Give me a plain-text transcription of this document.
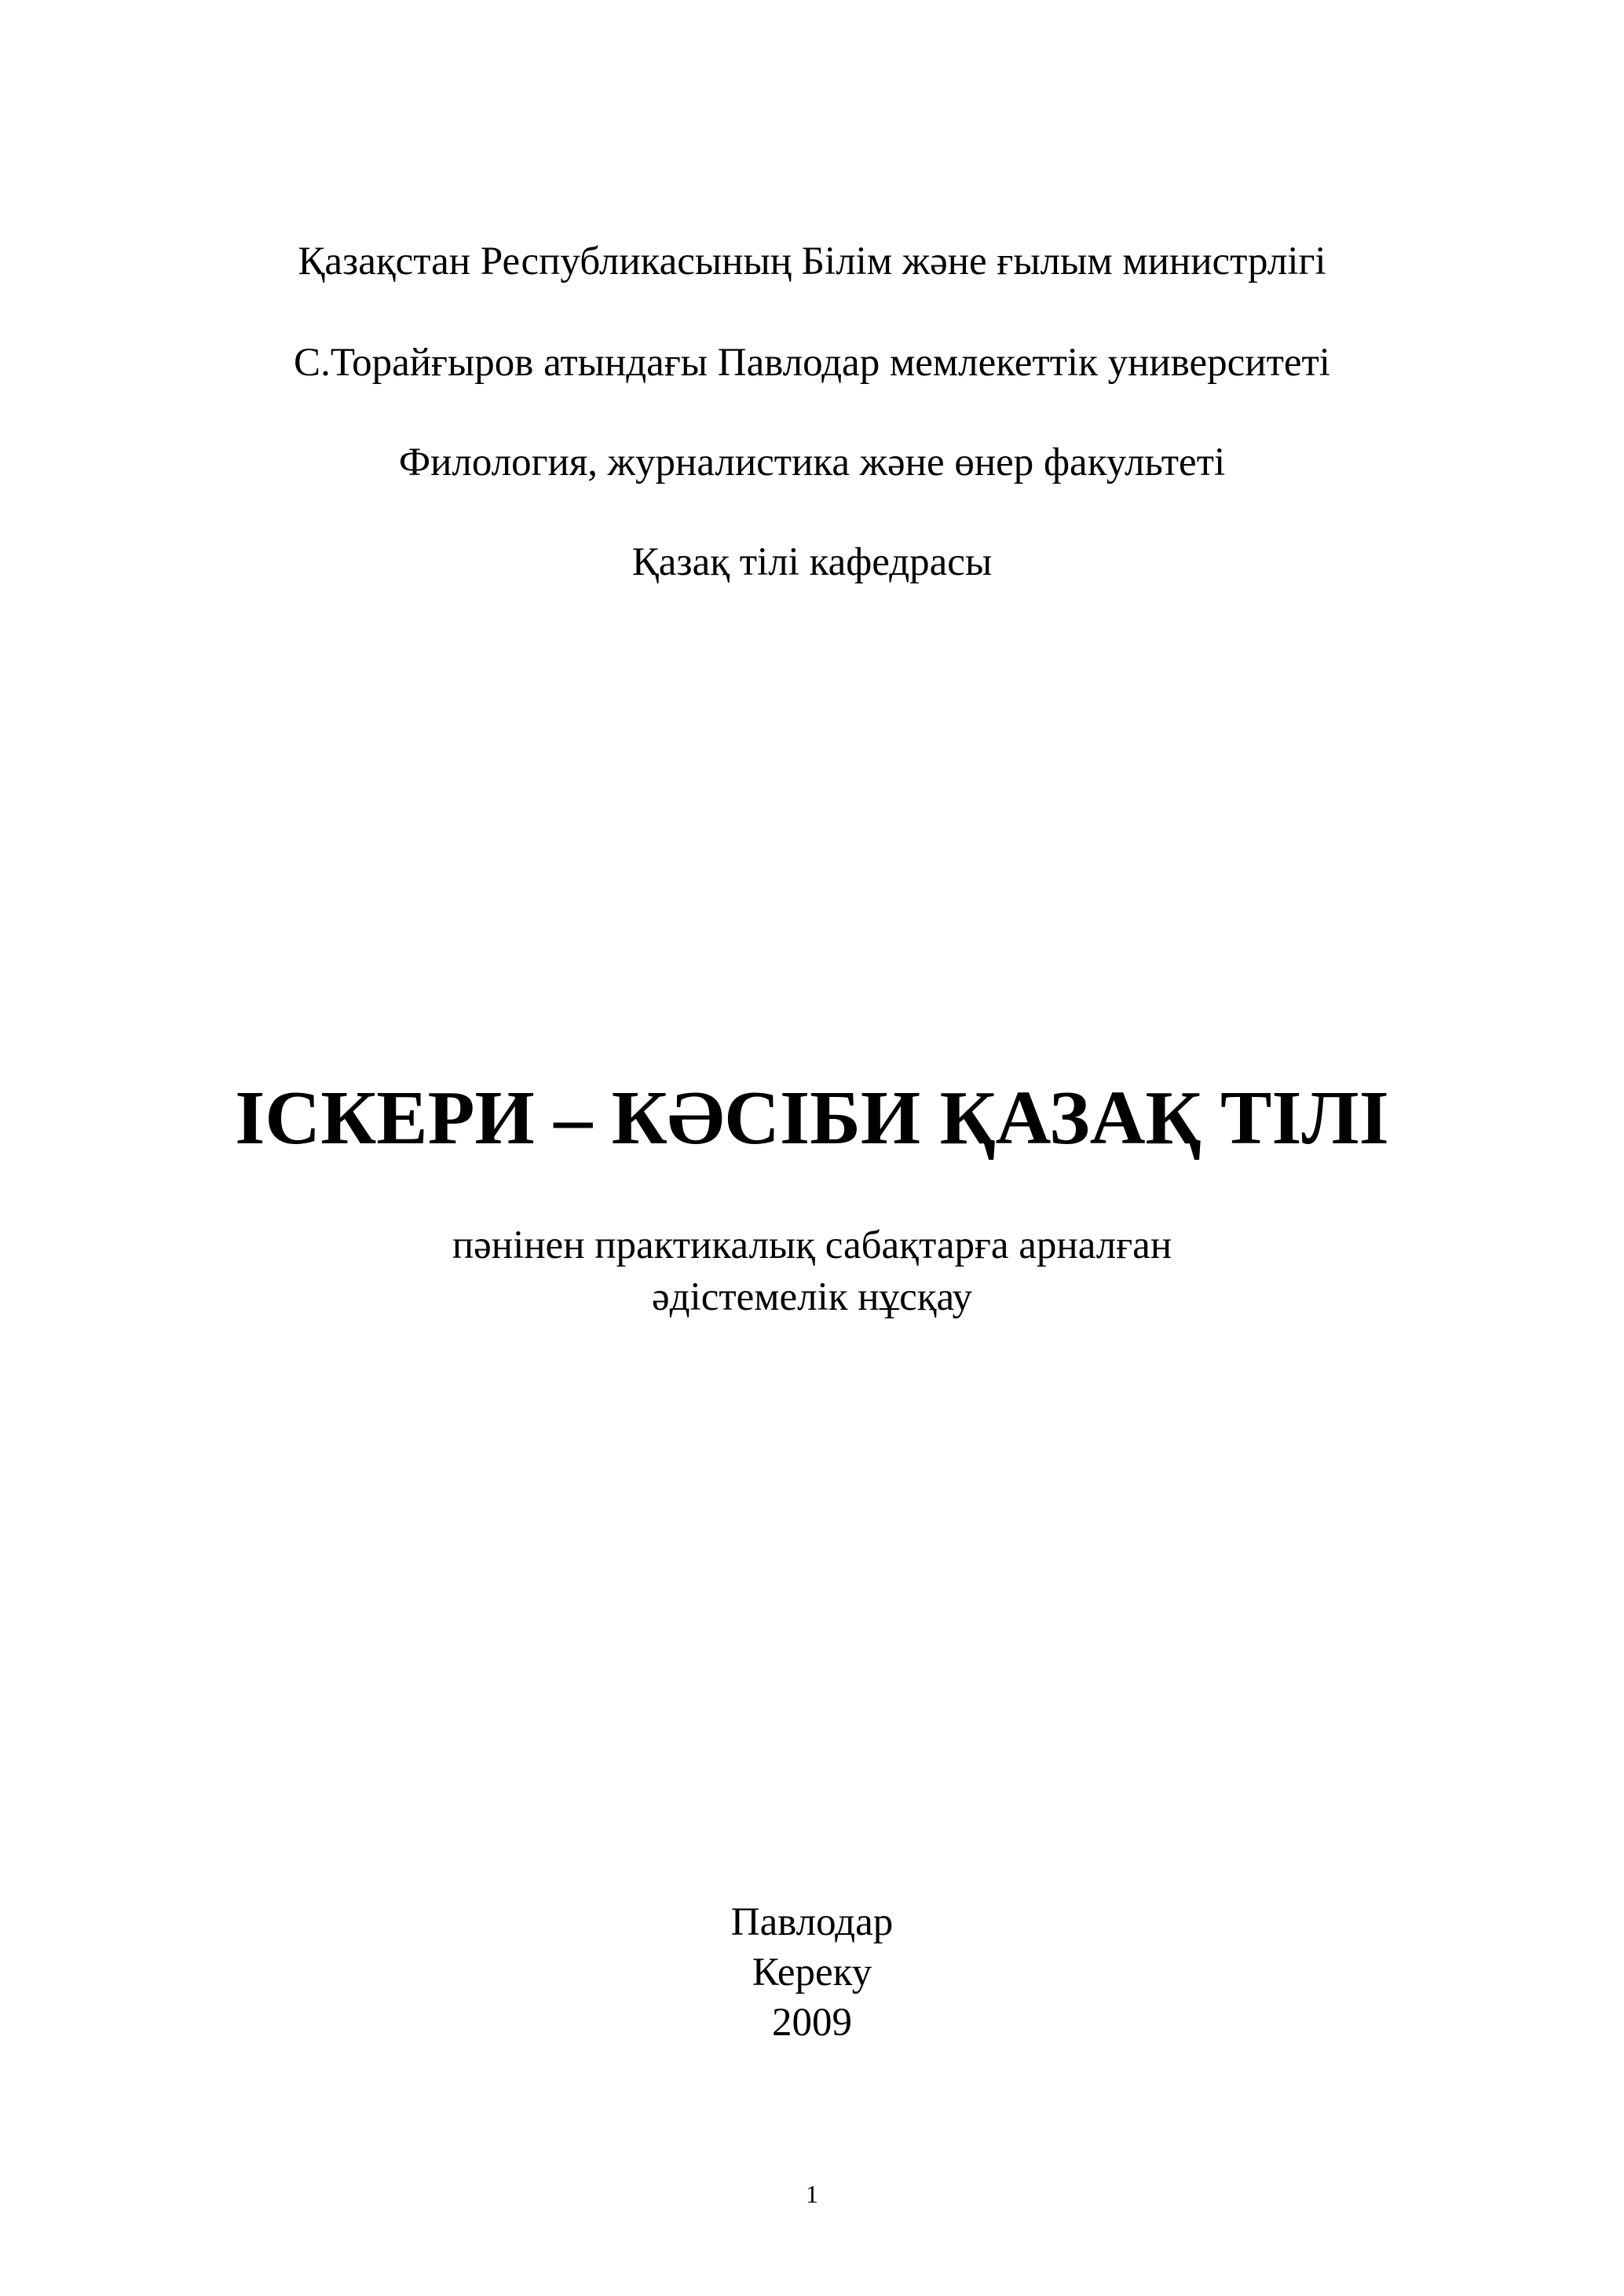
Қазақстан Республикасының Білім және ғылым министрлігі
С.Торайғыров атындағы Павлодар мемлекеттік университеті
Филология, журналистика және өнер факультеті
Қазақ тілі кафедрасы
ІСКЕРИ – КӘСІБИ ҚАЗАҚ ТІЛІ
пәнінен практикалық сабақтарға арналған
әдістемелік нұсқау
Павлодар
Кереку
2009
1
